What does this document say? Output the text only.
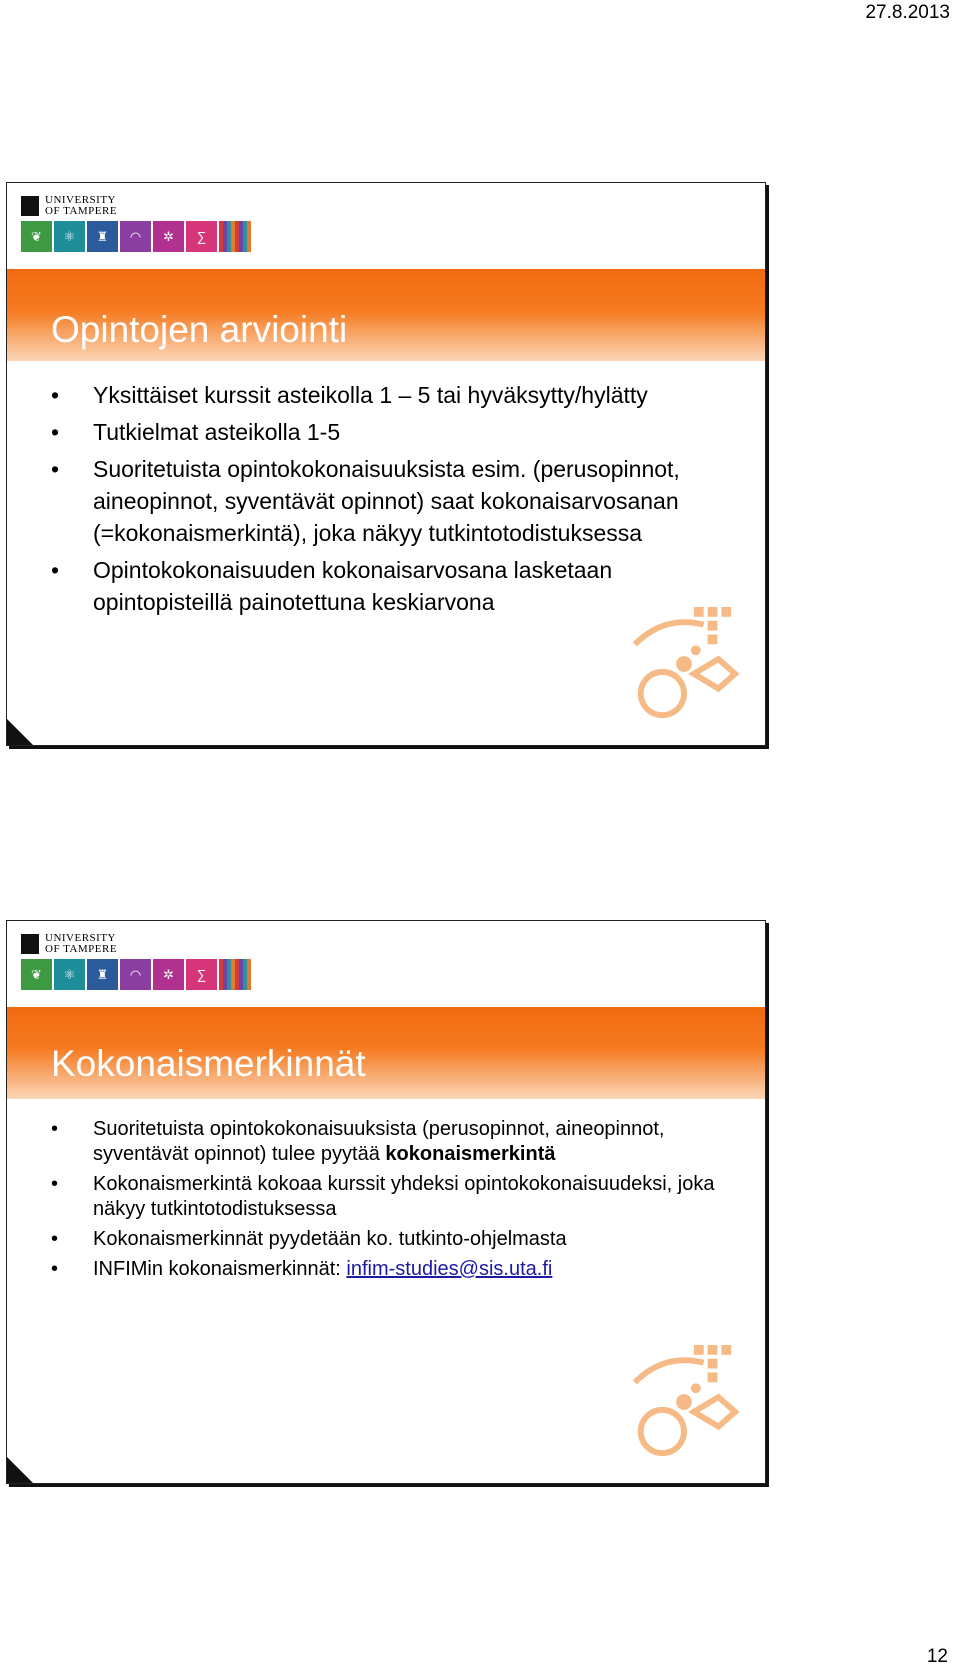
27.8.2013
UNIVERSITY
OF TAMPERE
❦	⚛	♜	◠	✲	∑
Opintojen arviointi
• Yksittäiset kurssit asteikolla 1 – 5 tai hyväksytty/hylätty
• Tutkielmat asteikolla 1-5
• Suoritetuista opintokokonaisuuksista esim. (perusopinnot, aineopinnot, syventävät opinnot) saat kokonaisarvosanan (=kokonaismerkintä), joka näkyy tutkintotodistuksessa
• Opintokokonaisuuden kokonaisarvosana lasketaan opintopisteillä painotettuna keskiarvona
UNIVERSITY
OF TAMPERE
❦	⚛	♜	◠	✲	∑
Kokonaismerkinnät
• Suoritetuista opintokokonaisuuksista (perusopinnot, aineopinnot, syventävät opinnot) tulee pyytää kokonaismerkintä
• Kokonaismerkintä kokoaa kurssit yhdeksi opintokokonaisuudeksi, joka näkyy tutkintotodistuksessa
• Kokonaismerkinnät pyydetään ko. tutkinto-ohjelmasta
• INFIMin kokonaismerkinnät: infim-studies@sis.uta.fi
12
